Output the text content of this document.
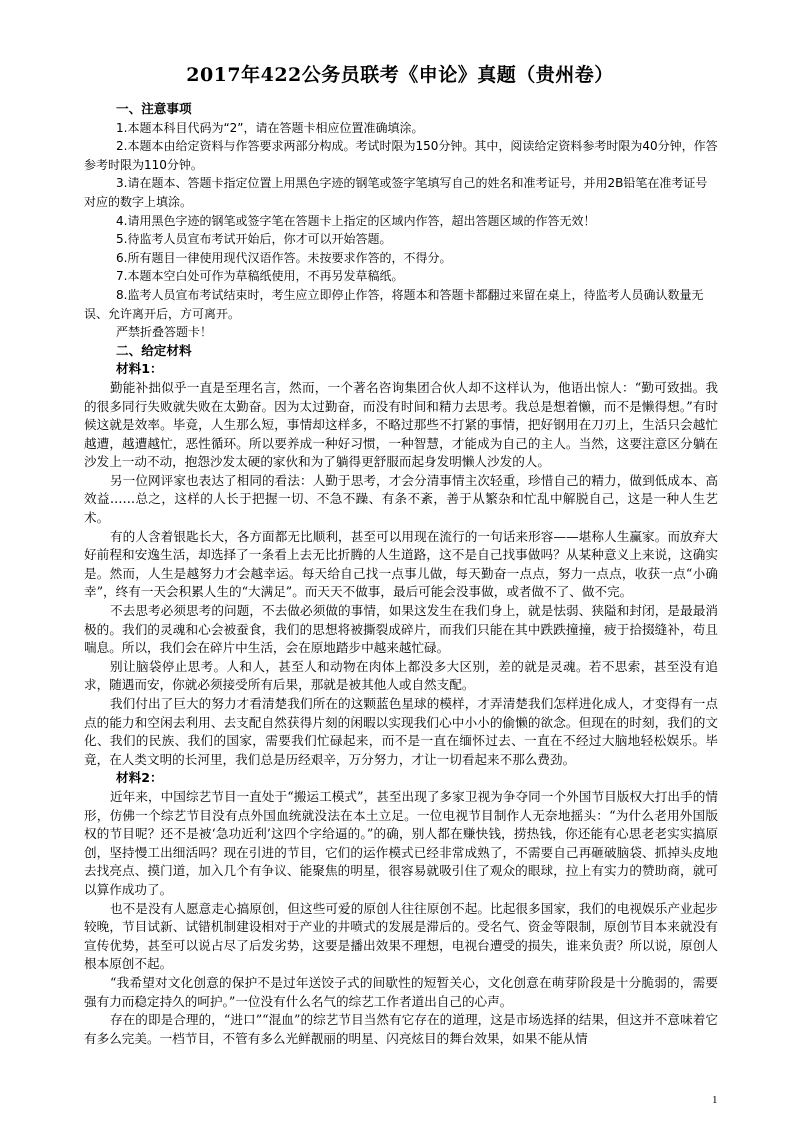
2017年422公务员联考《申论》真题（贵州卷）

一、注意事项

1.本题本科目代码为“2”，请在答题卡相应位置准确填涂。

2.本题本由给定资料与作答要求两部分构成。考试时限为150分钟。其中，阅读给定资料参考时限为40分钟，作答参考时限为110分钟。

3.请在题本、答题卡指定位置上用黑色字迹的钢笔或签字笔填写自己的姓名和准考证号，并用2B铅笔在准考证号对应的数字上填涂。

4.请用黑色字迹的钢笔或签字笔在答题卡上指定的区域内作答，超出答题区域的作答无效！

5.待监考人员宣布考试开始后，你才可以开始答题。

6.所有题目一律使用现代汉语作答。未按要求作答的，不得分。

7.本题本空白处可作为草稿纸使用，不再另发草稿纸。

8.监考人员宣布考试结束时，考生应立即停止作答，将题本和答题卡都翻过来留在桌上，待监考人员确认数量无误、允许离开后，方可离开。

严禁折叠答题卡！

二、给定材料

材料1：

勤能补拙似乎一直是至理名言，然而，一个著名咨询集团合伙人却不这样认为，他语出惊人：“勤可致拙。我的很多同行失败就失败在太勤奋。因为太过勤奋，而没有时间和精力去思考。我总是想着懒，而不是懒得想。”有时候这就是效率。毕竟，人生那么短，事情却这样多，不略过那些不打紧的事情，把好钢用在刀刃上，生活只会越忙越遭，越遭越忙，恶性循环。所以要养成一种好习惯，一种智慧，才能成为自己的主人。当然，这要注意区分躺在沙发上一动不动，抱怨沙发太硬的家伙和为了躺得更舒服而起身发明懒人沙发的人。

另一位网评家也表达了相同的看法：人勤于思考，才会分清事情主次轻重，珍惜自己的精力，做到低成本、高效益……总之，这样的人长于把握一切、不急不躁、有条不紊，善于从繁杂和忙乱中解脱自己，这是一种人生艺术。

有的人含着银匙长大，各方面都无比顺利，甚至可以用现在流行的一句话来形容——堪称人生赢家。而放弃大好前程和安逸生活，却选择了一条看上去无比折腾的人生道路，这不是自己找事做吗？从某种意义上来说，这确实是。然而，人生是越努力才会越幸运。每天给自己找一点事儿做，每天勤奋一点点，努力一点点，收获一点“小确幸”，终有一天会积累人生的“大满足”。而天天不做事，最后可能会没事做，或者做不了、做不完。

不去思考必须思考的问题，不去做必须做的事情，如果这发生在我们身上，就是怯弱、狭隘和封闭，是最最消极的。我们的灵魂和心会被蚕食，我们的思想将被撕裂成碎片，而我们只能在其中跌跌撞撞，疲于拾掇缝补，苟且喘息。所以，我们会在碎片中生活，会在原地踏步中越来越忙碌。

别让脑袋停止思考。人和人，甚至人和动物在肉体上都没多大区别，差的就是灵魂。若不思索，甚至没有追求，随遇而安，你就必须接受所有后果，那就是被其他人或自然支配。

我们付出了巨大的努力才看清楚我们所在的这颗蓝色星球的模样，才弄清楚我们怎样进化成人，才变得有一点点的能力和空闲去利用、去支配自然获得片刻的闲暇以实现我们心中小小的偷懒的欲念。但现在的时刻，我们的文化、我们的民族、我们的国家，需要我们忙碌起来，而不是一直在缅怀过去、一直在不经过大脑地轻松娱乐。毕竟，在人类文明的长河里，我们总是历经艰辛，万分努力，才让一切看起来不那么费劲。

材料2：

近年来，中国综艺节目一直处于“搬运工模式”，甚至出现了多家卫视为争夺同一个外国节目版权大打出手的情形，仿佛一个综艺节目没有点外国血统就没法在本土立足。一位电视节目制作人无奈地摇头：“为什么老用外国版权的节目呢？还不是被‘急功近利’这四个字给逼的。”的确，别人都在赚快钱，捞热钱，你还能有心思老老实实搞原创，坚持慢工出细活吗？现在引进的节目，它们的运作模式已经非常成熟了，不需要自己再砸破脑袋、抓掉头皮地去找亮点、摸门道，加入几个有争议、能聚焦的明星，很容易就吸引住了观众的眼球，拉上有实力的赞助商，就可以算作成功了。

也不是没有人愿意走心搞原创，但这些可爱的原创人往往原创不起。比起很多国家，我们的电视娱乐产业起步较晚，节目试新、试错机制建设相对于产业的井喷式的发展是滞后的。受名气、资金等限制，原创节目本来就没有宣传优势，甚至可以说占尽了后发劣势，这要是播出效果不理想，电视台遭受的损失，谁来负责？所以说，原创人根本原创不起。

“我希望对文化创意的保护不是过年送饺子式的间歇性的短暂关心，文化创意在萌芽阶段是十分脆弱的，需要强有力而稳定持久的呵护。”一位没有什么名气的综艺工作者道出自己的心声。

存在的即是合理的，“进口”“混血”的综艺节目当然有它存在的道理，这是市场选择的结果，但这并不意味着它有多么完美。一档节目，不管有多么光鲜靓丽的明星、闪亮炫目的舞台效果，如果不能从情

1
